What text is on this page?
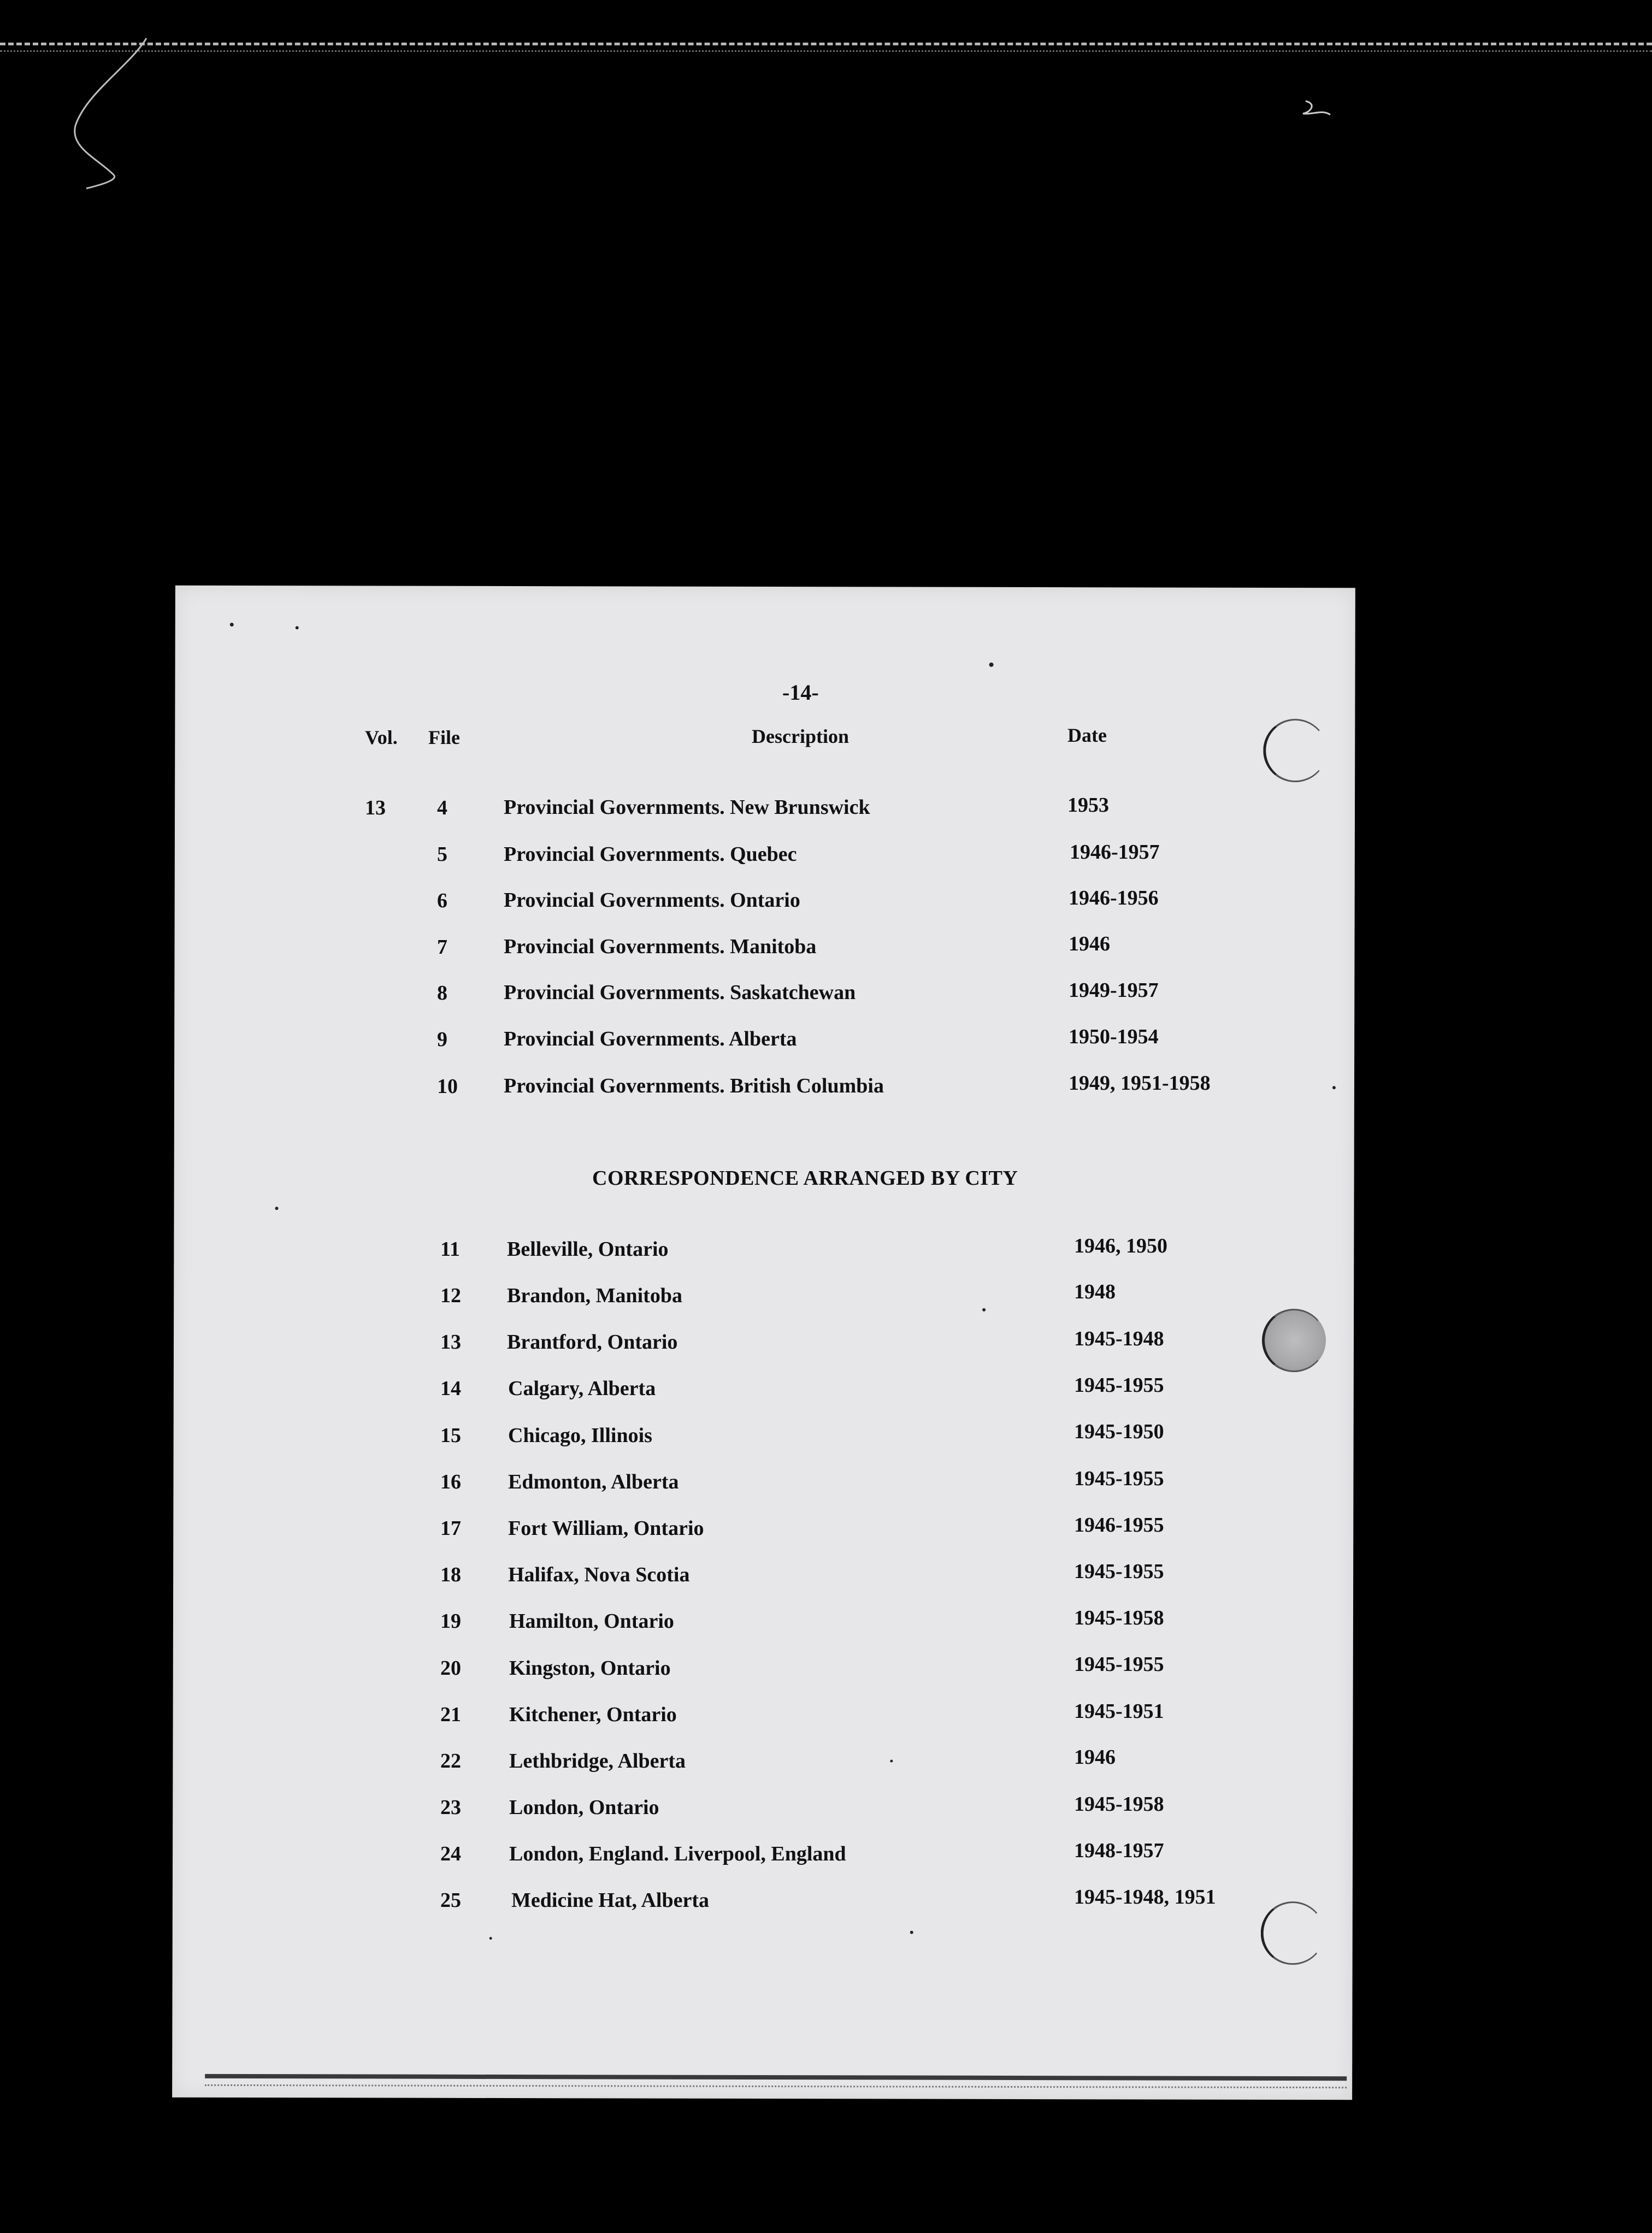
-14-
Vol. File	Description	Date
13 4	Provincial Governments. New Brunswick	1953
5	Provincial Governments. Quebec	1946-1957
6	Provincial Governments. Ontario	1946-1956
7	Provincial Governments. Manitoba	1946
8	Provincial Governments. Saskatchewan	1949-1957
9	Provincial Governments. Alberta	1950-1954
10 Provincial Governments. British Columbia	1949, 1951-1958
CORRESPONDENCE ARRANGED BY CITY
11 Belleville, Ontario	1946, 1950
12 Brandon, Manitoba	1948
13 Brantford, Ontario	1945-1948
14 Calgary, Alberta	1945-1955
15 Chicago, Illinois	1945-1950
16 Edmonton, Alberta	1945-1955
17 Fort William, Ontario	1946-1955
18 Halifax, Nova Scotia	1945-1955
19 Hamilton, Ontario	1945-1958
20 Kingston, Ontario	1945-1955
21 Kitchener, Ontario	1945-1951
22 Lethbridge, Alberta	1946
23 London, Ontario	1945-1958
24 London, England. Liverpool, England	1948-1957
25 Medicine Hat, Alberta	1945-1948, 1951
